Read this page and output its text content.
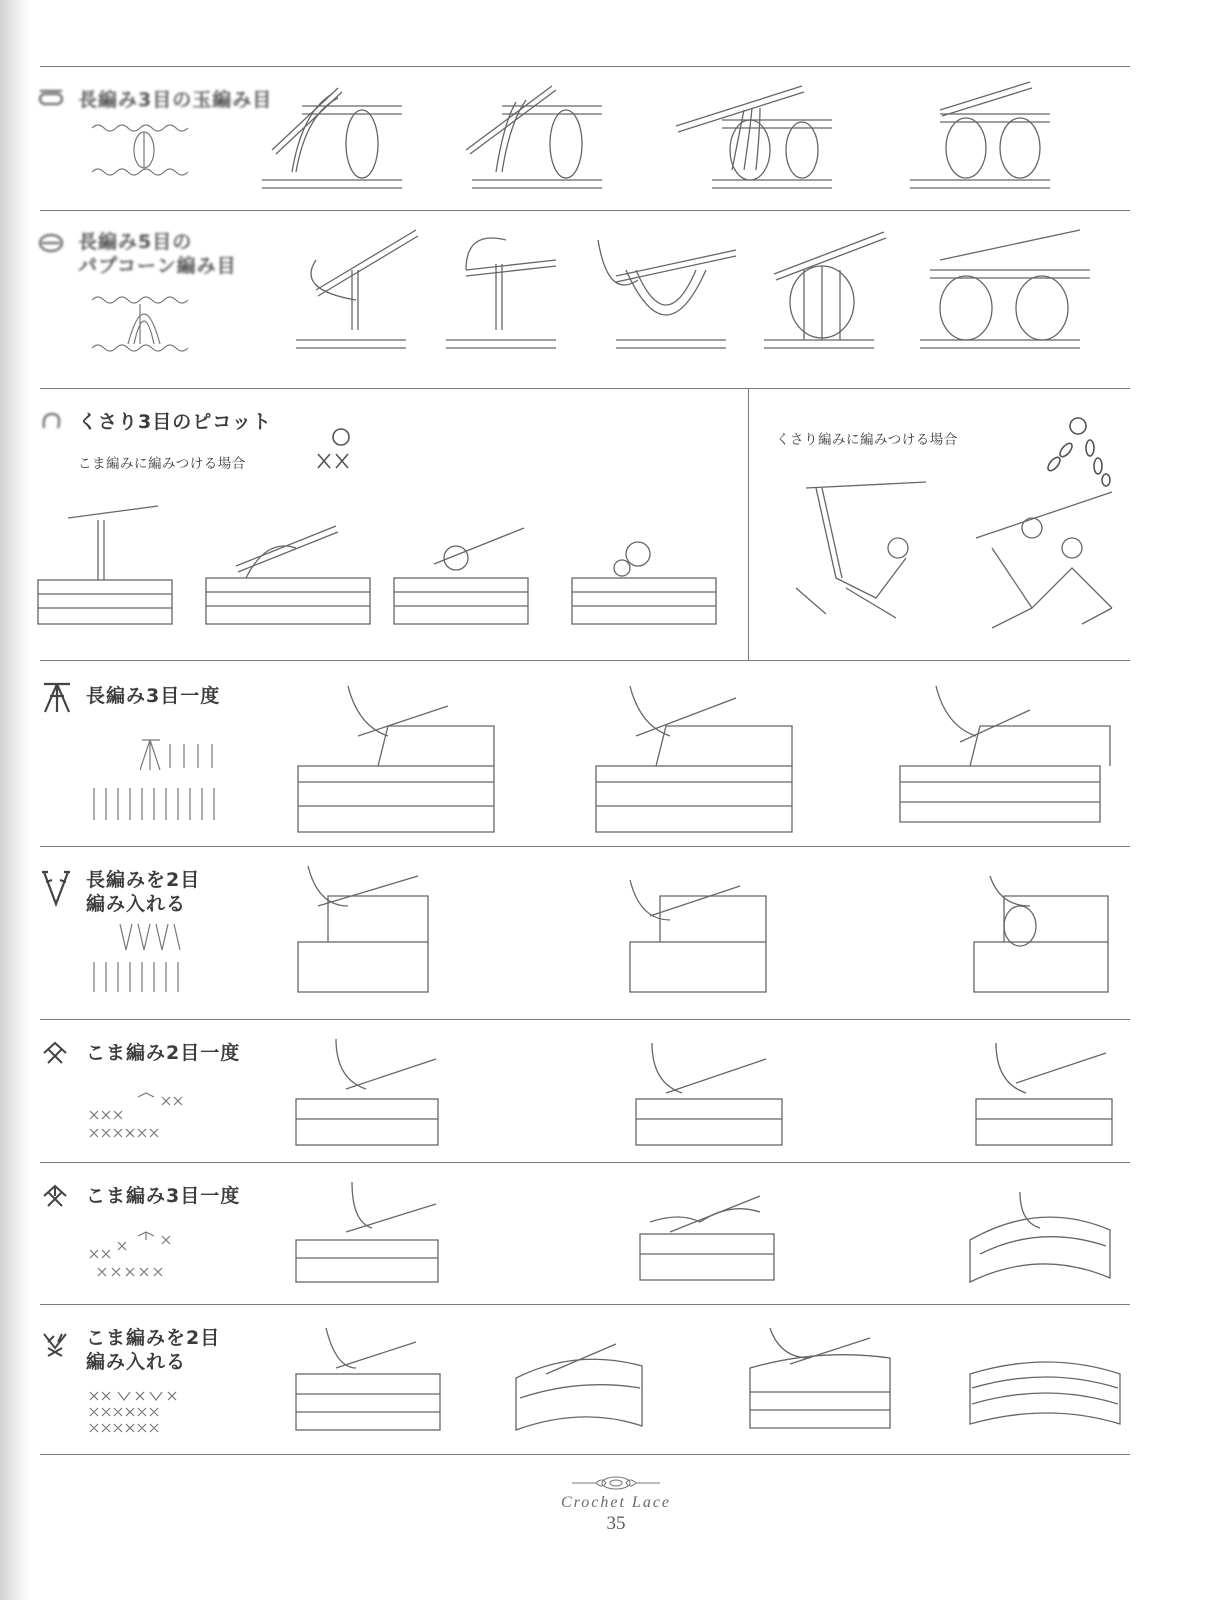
長編み3目の玉編み目
長編み5目の
パプコーン編み目
くさり3目のピコット
こま編みに編みつける場合
くさり編みに編みつける場合
長編み3目一度
長編みを2目
編み入れる
こま編み2目一度
こま編み3目一度
こま編みを2目
編み入れる
Crochet Lace
35
